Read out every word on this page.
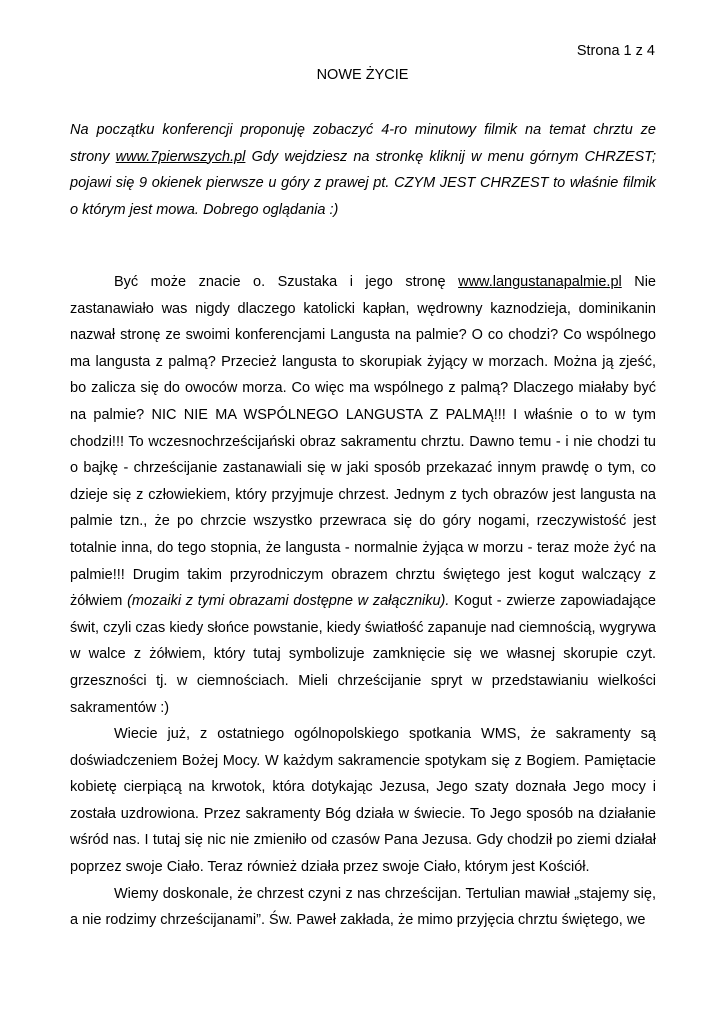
Strona 1 z 4
NOWE ŻYCIE
Na początku konferencji proponuję zobaczyć 4-ro minutowy filmik na temat chrztu ze strony www.7pierwszych.pl Gdy wejdziesz na stronkę kliknij w menu górnym CHRZEST; pojawi się 9 okienek pierwsze u góry z prawej pt. CZYM JEST CHRZEST to właśnie filmik o którym jest mowa. Dobrego oglądania :)

Być może znacie o. Szustaka i jego stronę www.langustanapalmie.pl Nie zastanawiało was nigdy dlaczego katolicki kapłan, wędrowny kaznodzieja, dominikanin nazwał stronę ze swoimi konferencjami Langusta na palmie? O co chodzi? Co wspólnego ma langusta z palmą? Przecież langusta to skorupiak żyjący w morzach. Można ją zjeść, bo zalicza się do owoców morza. Co więc ma wspólnego z palmą? Dlaczego miałaby być na palmie? NIC NIE MA WSPÓLNEGO LANGUSTA Z PALMĄ!!! I właśnie o to w tym chodzi!!! To wczesnochrześcijański obraz sakramentu chrztu. Dawno temu - i nie chodzi tu o bajkę - chrześcijanie zastanawiali się w jaki sposób przekazać innym prawdę o tym, co dzieje się z człowiekiem, który przyjmuje chrzest. Jednym z tych obrazów jest langusta na palmie tzn., że po chrzcie wszystko przewraca się do góry nogami, rzeczywistość jest totalnie inna, do tego stopnia, że langusta - normalnie żyjąca w morzu - teraz może żyć na palmie!!! Drugim takim przyrodniczym obrazem chrztu świętego jest kogut walczący z żółwiem (mozaiki z tymi obrazami dostępne w załączniku). Kogut - zwierze zapowiadające świt, czyli czas kiedy słońce powstanie, kiedy światłość zapanuje nad ciemnością, wygrywa w walce z żółwiem, który tutaj symbolizuje zamknięcie się we własnej skorupie czyt. grzeszności tj. w ciemnościach. Mieli chrześcijanie spryt w przedstawianiu wielkości sakramentów :)

Wiecie już, z ostatniego ogólnopolskiego spotkania WMS, że sakramenty są doświadczeniem Bożej Mocy. W każdym sakramencie spotykam się z Bogiem. Pamiętacie kobietę cierpiącą na krwotok, która dotykając Jezusa, Jego szaty doznała Jego mocy i została uzdrowiona. Przez sakramenty Bóg działa w świecie. To Jego sposób na działanie wśród nas. I tutaj się nic nie zmieniło od czasów Pana Jezusa. Gdy chodził po ziemi działał poprzez swoje Ciało. Teraz również działa przez swoje Ciało, którym jest Kościół.

Wiemy doskonale, że chrzest czyni z nas chrześcijan. Tertulian mawiał „stajemy się, a nie rodzimy chrześcijanami”. Św. Paweł zakłada, że mimo przyjęcia chrztu świętego, we
